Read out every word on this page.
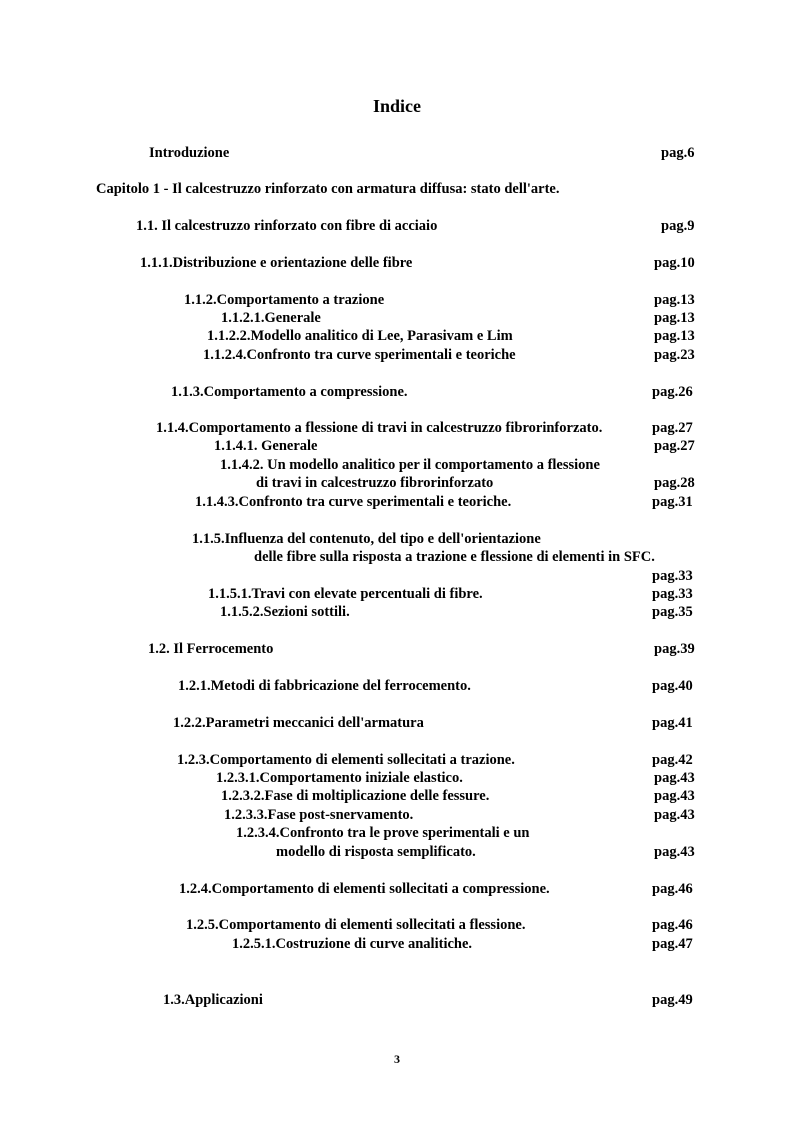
Indice
Introduzione	pag.6
Capitolo 1 - Il calcestruzzo rinforzato con armatura diffusa: stato dell'arte.
1.1. Il calcestruzzo rinforzato con fibre di acciaio	pag.9
1.1.1.Distribuzione e orientazione delle fibre	pag.10
1.1.2.Comportamento a trazione	pag.13
1.1.2.1.Generale	pag.13
1.1.2.2.Modello analitico di Lee, Parasivam e Lim	pag.13
1.1.2.4.Confronto tra curve sperimentali e teoriche	pag.23
1.1.3.Comportamento a compressione.	pag.26
1.1.4.Comportamento a flessione di travi in calcestruzzo fibrorinforzato.	pag.27
1.1.4.1. Generale	pag.27
1.1.4.2. Un modello analitico per il comportamento a flessione
di travi in calcestruzzo fibrorinforzato	pag.28
1.1.4.3.Confronto tra curve sperimentali e teoriche.	pag.31
1.1.5.Influenza del contenuto, del tipo e dell'orientazione
delle fibre sulla risposta a trazione e flessione di elementi in SFC.
pag.33
1.1.5.1.Travi con elevate percentuali di fibre.	pag.33
1.1.5.2.Sezioni sottili.	pag.35
1.2. Il Ferrocemento	pag.39
1.2.1.Metodi di fabbricazione del ferrocemento.	pag.40
1.2.2.Parametri meccanici dell'armatura	pag.41
1.2.3.Comportamento di elementi sollecitati a trazione.	pag.42
1.2.3.1.Comportamento iniziale elastico.	pag.43
1.2.3.2.Fase di moltiplicazione delle fessure.	pag.43
1.2.3.3.Fase post-snervamento.	pag.43
1.2.3.4.Confronto tra le prove sperimentali e un
modello di risposta semplificato.	pag.43
1.2.4.Comportamento di elementi sollecitati a compressione.	pag.46
1.2.5.Comportamento di elementi sollecitati a flessione.	pag.46
1.2.5.1.Costruzione di curve analitiche.	pag.47
1.3.Applicazioni	pag.49
3
